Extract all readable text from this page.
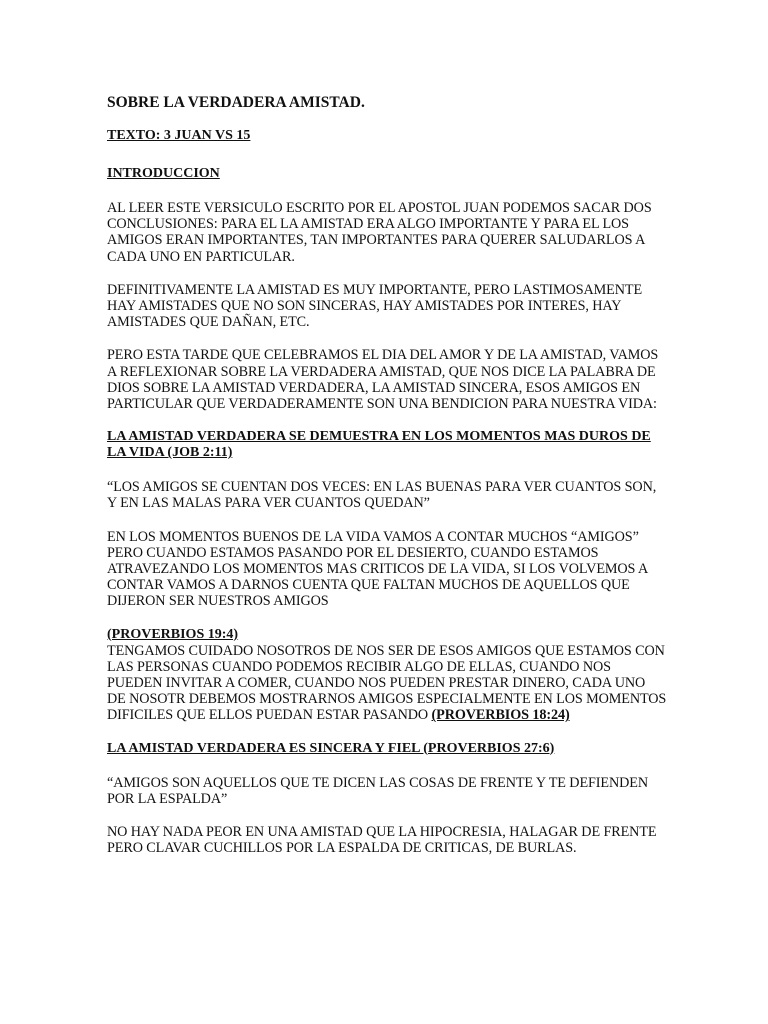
SOBRE LA VERDADERA AMISTAD.
TEXTO: 3 JUAN VS 15
INTRODUCCION

AL LEER ESTE VERSICULO ESCRITO POR EL APOSTOL JUAN PODEMOS SACAR DOS CONCLUSIONES: PARA EL LA AMISTAD ERA ALGO IMPORTANTE Y PARA EL LOS AMIGOS ERAN IMPORTANTES, TAN IMPORTANTES PARA QUERER SALUDARLOS A CADA UNO EN PARTICULAR.

DEFINITIVAMENTE LA AMISTAD ES MUY IMPORTANTE, PERO LASTIMOSAMENTE HAY AMISTADES QUE NO SON SINCERAS, HAY AMISTADES POR INTERES, HAY AMISTADES QUE DAÑAN, ETC.

PERO ESTA TARDE QUE CELEBRAMOS EL DIA DEL AMOR Y DE LA AMISTAD, VAMOS A REFLEXIONAR SOBRE LA VERDADERA AMISTAD, QUE NOS DICE LA PALABRA DE DIOS SOBRE LA AMISTAD VERDADERA, LA AMISTAD SINCERA, ESOS AMIGOS EN PARTICULAR QUE VERDADERAMENTE SON UNA BENDICION PARA NUESTRA VIDA:

LA AMISTAD VERDADERA SE DEMUESTRA EN LOS MOMENTOS MAS DUROS DE LA VIDA (JOB 2:11)

“LOS AMIGOS SE CUENTAN DOS VECES: EN LAS BUENAS PARA VER CUANTOS SON, Y EN LAS MALAS PARA VER CUANTOS QUEDAN”

EN LOS MOMENTOS BUENOS DE LA VIDA VAMOS A CONTAR MUCHOS “AMIGOS” PERO CUANDO ESTAMOS PASANDO POR EL DESIERTO, CUANDO ESTAMOS ATRAVEZANDO LOS MOMENTOS MAS CRITICOS DE LA VIDA, SI LOS VOLVEMOS A CONTAR VAMOS A DARNOS CUENTA QUE FALTAN MUCHOS DE AQUELLOS QUE DIJERON SER NUESTROS AMIGOS

(PROVERBIOS 19:4)

TENGAMOS CUIDADO NOSOTROS DE NOS SER DE ESOS AMIGOS QUE ESTAMOS CON LAS PERSONAS CUANDO PODEMOS RECIBIR ALGO DE ELLAS, CUANDO NOS PUEDEN INVITAR A COMER, CUANDO NOS PUEDEN PRESTAR DINERO, CADA UNO DE NOSOTR DEBEMOS MOSTRARNOS AMIGOS ESPECIALMENTE EN LOS MOMENTOS DIFICILES QUE ELLOS PUEDAN ESTAR PASANDO (PROVERBIOS 18:24)

LA AMISTAD VERDADERA ES SINCERA Y FIEL (PROVERBIOS 27:6)

“AMIGOS SON AQUELLOS QUE TE DICEN LAS COSAS DE FRENTE Y TE DEFIENDEN POR LA ESPALDA”

NO HAY NADA PEOR EN UNA AMISTAD QUE LA HIPOCRESIA, HALAGAR DE FRENTE PERO CLAVAR CUCHILLOS POR LA ESPALDA DE CRITICAS, DE BURLAS.
